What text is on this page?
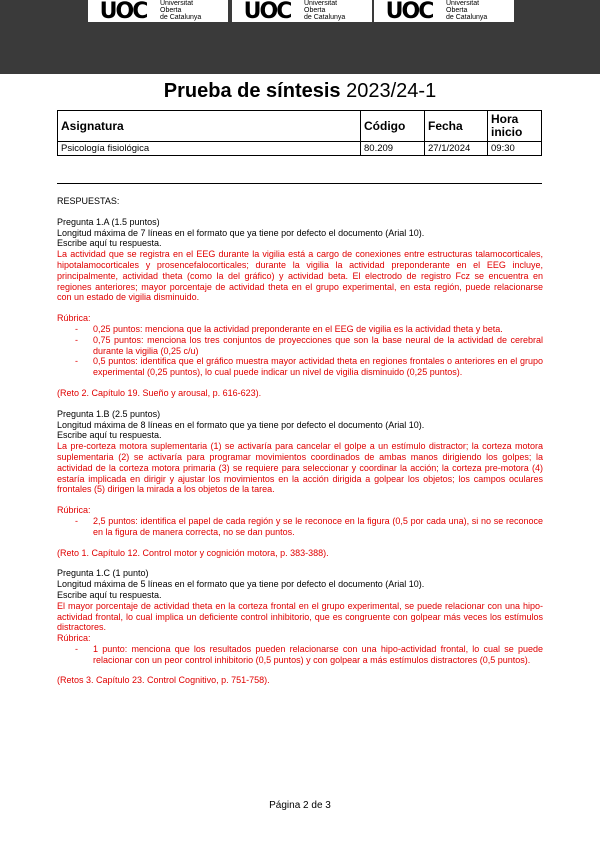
UOC	Universitat
Oberta
de Catalunya	UOC	Universitat
Oberta
de Catalunya	UOC	Universitat
Oberta
de Catalunya
Prueba de síntesis 2023/24-1
Asignatura	Código	Fecha	Hora inicio
Psicología fisiológica	80.209	27/1/2024	09:30

RESPUESTAS:

Pregunta 1.A (1.5 puntos)

Longitud máxima de 7 líneas en el formato que ya tiene por defecto el documento (Arial 10).

Escribe aquí tu respuesta.

La actividad que se registra en el EEG durante la vigilia está a cargo de conexiones entre estructuras talamocorticales, hipotalamocorticales y prosencefalocorticales; durante la vigilia la actividad preponderante en el EEG incluye, principalmente, actividad theta (como la del gráfico) y actividad beta. El electrodo de registro Fcz se encuentra en regiones anteriores; mayor porcentaje de actividad theta en el grupo experimental, en esta región, puede relacionarse con un estado de vigilia disminuido.

Rúbrica:

- 0,25 puntos: menciona que la actividad preponderante en el EEG de vigilia es la actividad theta y beta.
- 0,75 puntos: menciona los tres conjuntos de proyecciones que son la base neural de la actividad de cerebral durante la vigilia (0,25 c/u)
- 0,5 puntos: identifica que el gráfico muestra mayor actividad theta en regiones frontales o anteriores en el grupo experimental (0,25 puntos), lo cual puede indicar un nivel de vigilia disminuido (0,25 puntos).

(Reto 2. Capítulo 19. Sueño y arousal, p. 616-623).

Pregunta 1.B (2.5 puntos)

Longitud máxima de 8 líneas en el formato que ya tiene por defecto el documento (Arial 10).

Escribe aquí tu respuesta.

La pre-corteza motora suplementaria (1) se activaría para cancelar el golpe a un estímulo distractor; la corteza motora suplementaria (2) se activaría para programar movimientos coordinados de ambas manos dirigiendo los golpes; la actividad de la corteza motora primaria (3) se requiere para seleccionar y coordinar la acción; la corteza pre-motora (4) estaría implicada en dirigir y ajustar los movimientos en la acción dirigida a golpear los objetos; los campos oculares frontales (5) dirigen la mirada a los objetos de la tarea.

Rúbrica:

- 2,5 puntos: identifica el papel de cada región y se le reconoce en la figura (0,5 por cada una), si no se reconoce en la figura de manera correcta, no se dan puntos.

(Reto 1. Capítulo 12. Control motor y cognición motora, p. 383-388).

Pregunta 1.C (1 punto)

Longitud máxima de 5 líneas en el formato que ya tiene por defecto el documento (Arial 10).

Escribe aquí tu respuesta.

El mayor porcentaje de actividad theta en la corteza frontal en el grupo experimental, se puede relacionar con una hipo-actividad frontal, lo cual implica un deficiente control inhibitorio, que es congruente con golpear más veces los estímulos distractores.

Rúbrica:

- 1 punto: menciona que los resultados pueden relacionarse con una hipo-actividad frontal, lo cual se puede relacionar con un peor control inhibitorio (0,5 puntos) y con golpear a más estímulos distractores (0,5 puntos).

(Retos 3. Capítulo 23. Control Cognitivo, p. 751-758).

Página 2 de 3
